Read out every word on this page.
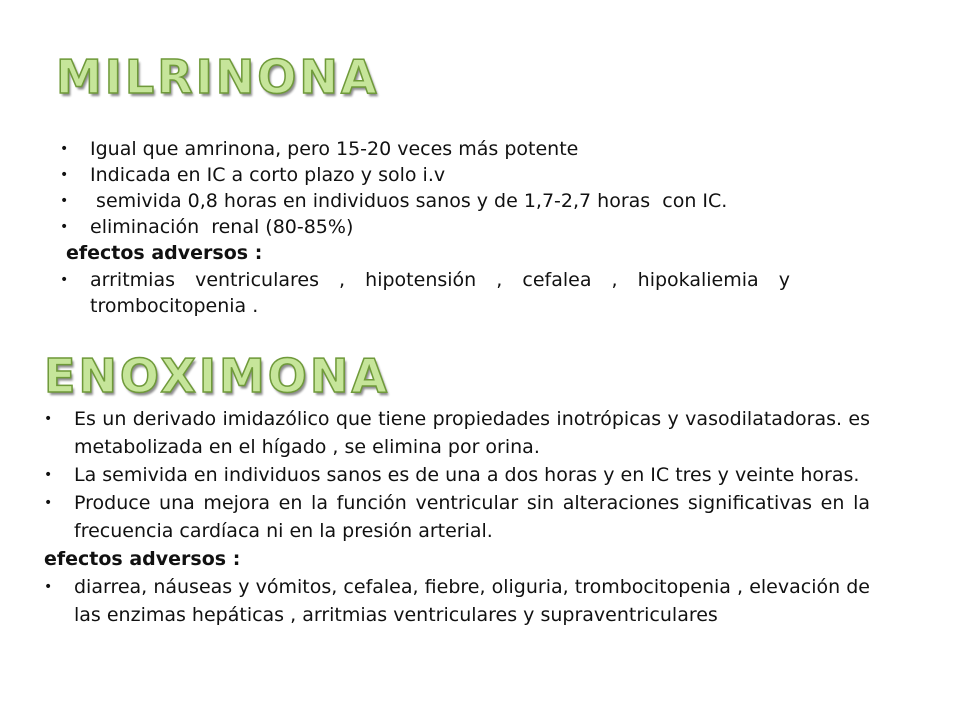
MILRINONA
• Igual que amrinona, pero 15-20 veces más potente
• Indicada en IC a corto plazo y solo i.v
• semivida 0,8 horas en individuos sanos y de 1,7-2,7 horas  con IC.
• eliminación  renal (80-85%)

efectos adversos :

• arritmias ventriculares , hipotensión , cefalea , hipokaliemia y trombocitopenia .
ENOXIMONA
• Es un derivado imidazólico que tiene propiedades inotrópicas y vasodilatadoras. es metabolizada en el hígado , se elimina por orina.
• La semivida en individuos sanos es de una a dos horas y en IC tres y veinte horas.
• Produce una mejora en la función ventricular sin alteraciones significativas en la frecuencia cardíaca ni en la presión arterial.

efectos adversos :

• diarrea, náuseas y vómitos, cefalea, fiebre, oliguria, trombocitopenia , elevación de las enzimas hepáticas , arritmias ventriculares y supraventriculares
